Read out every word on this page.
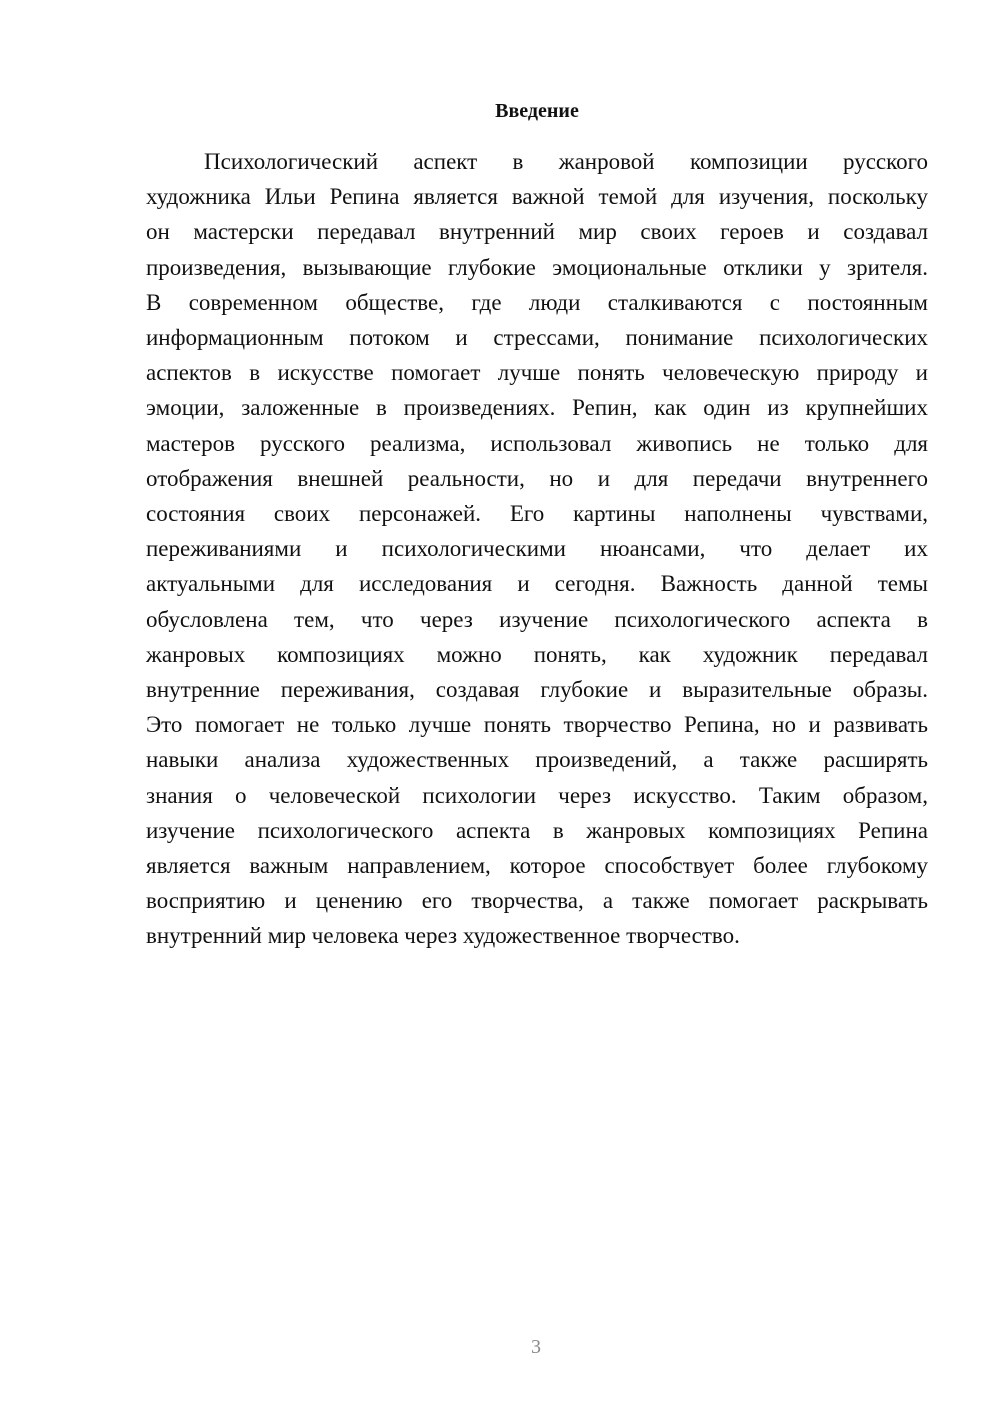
Введение
Психологический аспект в жанровой композиции русского
художника Ильи Репина является важной темой для изучения, поскольку
он мастерски передавал внутренний мир своих героев и создавал
произведения, вызывающие глубокие эмоциональные отклики у зрителя.
В современном обществе, где люди сталкиваются с постоянным
информационным потоком и стрессами, понимание психологических
аспектов в искусстве помогает лучше понять человеческую природу и
эмоции, заложенные в произведениях. Репин, как один из крупнейших
мастеров русского реализма, использовал живопись не только для
отображения внешней реальности, но и для передачи внутреннего
состояния своих персонажей. Его картины наполнены чувствами,
переживаниями и психологическими нюансами, что делает их
актуальными для исследования и сегодня. Важность данной темы
обусловлена тем, что через изучение психологического аспекта в
жанровых композициях можно понять, как художник передавал
внутренние переживания, создавая глубокие и выразительные образы.
Это помогает не только лучше понять творчество Репина, но и развивать
навыки анализа художественных произведений, а также расширять
знания о человеческой психологии через искусство. Таким образом,
изучение психологического аспекта в жанровых композициях Репина
является важным направлением, которое способствует более глубокому
восприятию и ценению его творчества, а также помогает раскрывать
внутренний мир человека через художественное творчество.
3
